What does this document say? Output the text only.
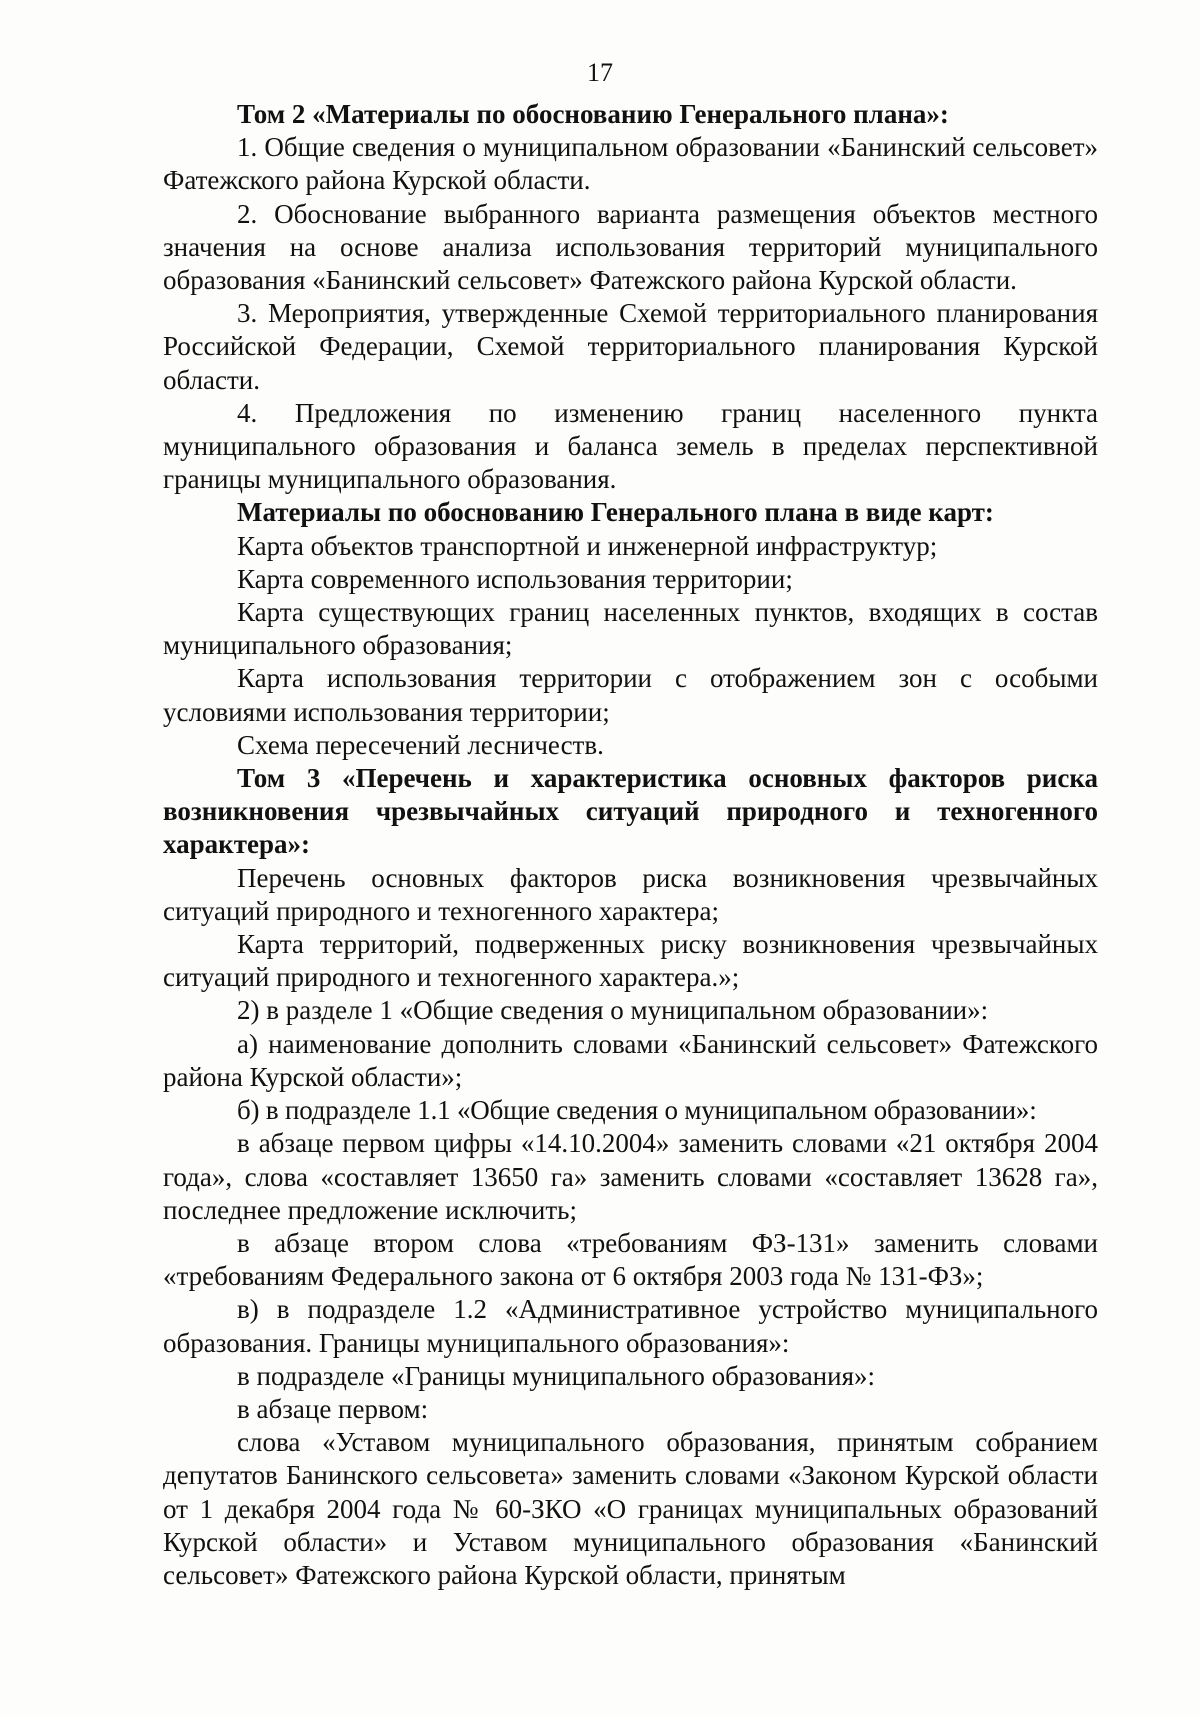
17

Том 2 «Материалы по обоснованию Генерального плана»:

1. Общие сведения о муниципальном образовании «Банинский сельсовет» Фатежского района Курской области.

2. Обоснование выбранного варианта размещения объектов местного значения на основе анализа использования территорий муниципального образования «Банинский сельсовет» Фатежского района Курской области.

3. Мероприятия, утвержденные Схемой территориального планирования Российской Федерации, Схемой территориального планирования Курской области.

4. Предложения по изменению границ населенного пункта муниципального образования и баланса земель в пределах перспективной границы муниципального образования.

Материалы по обоснованию Генерального плана в виде карт:

Карта объектов транспортной и инженерной инфраструктур;

Карта современного использования территории;

Карта существующих границ населенных пунктов, входящих в состав муниципального образования;

Карта использования территории с отображением зон с особыми условиями использования территории;

Схема пересечений лесничеств.

Том 3 «Перечень и характеристика основных факторов риска возникновения чрезвычайных ситуаций природного и техногенного характера»:

Перечень основных факторов риска возникновения чрезвычайных ситуаций природного и техногенного характера;

Карта территорий, подверженных риску возникновения чрезвычайных ситуаций природного и техногенного характера.»;

2) в разделе 1 «Общие сведения о муниципальном образовании»:

а) наименование дополнить словами «Банинский сельсовет» Фатежского района Курской области»;

б) в подразделе 1.1 «Общие сведения о муниципальном образовании»:

в абзаце первом цифры «14.10.2004» заменить словами «21 октября 2004 года», слова «составляет 13650 га» заменить словами «составляет 13628 га», последнее предложение исключить;

в абзаце втором слова «требованиям ФЗ-131» заменить словами «требованиям Федерального закона от 6 октября 2003 года № 131-ФЗ»;

в) в подразделе 1.2 «Административное устройство муниципального образования. Границы муниципального образования»:

в подразделе «Границы муниципального образования»:

в абзаце первом:

слова «Уставом муниципального образования, принятым собранием депутатов Банинского сельсовета» заменить словами «Законом Курской области от 1 декабря 2004 года № 60-ЗКО «О границах муниципальных образований Курской области» и Уставом муниципального образования «Банинский сельсовет» Фатежского района Курской области, принятым
